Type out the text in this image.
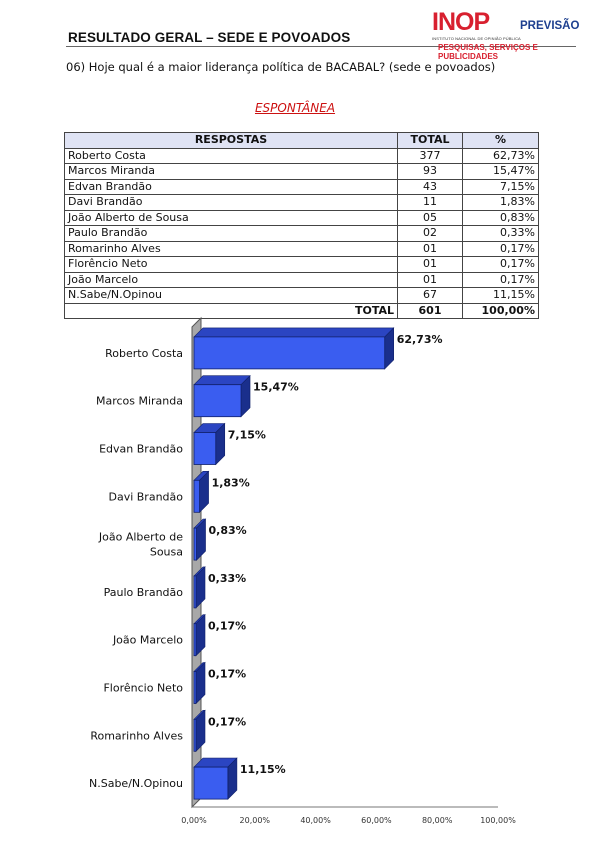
RESULTADO GERAL – SEDE E POVOADOS
INOP	PREVISÃO
INSTITUTO NACIONAL DE OPINIÃO PÚBLICA
PESQUISAS, SERVIÇOS E PUBLICIDADES
06) Hoje qual é a maior liderança política de BACABAL? (sede e povoados)
ESPONTÂNEA
RESPOSTAS	TOTAL	%
Roberto Costa	377	62,73%
Marcos Miranda	93	15,47%
Edvan Brandão	43	7,15%
Davi Brandão	11	1,83%
João Alberto de Sousa	05	0,83%
Paulo Brandão	02	0,33%
Romarinho Alves	01	0,17%
Florêncio Neto	01	0,17%
João Marcelo	01	0,17%
N.Sabe/N.Opinou	67	11,15%
TOTAL	601	100,00%
Roberto Costa
62,73%
Marcos Miranda
15,47%
Edvan Brandão
7,15%
Davi Brandão
1,83%
João Alberto de
Sousa
0,83%
Paulo Brandão
0,33%
João Marcelo
0,17%
Florêncio Neto
0,17%
Romarinho Alves
0,17%
N.Sabe/N.Opinou
11,15%
0,00%	20,00%	40,00%	60,00%	80,00%	100,00%
